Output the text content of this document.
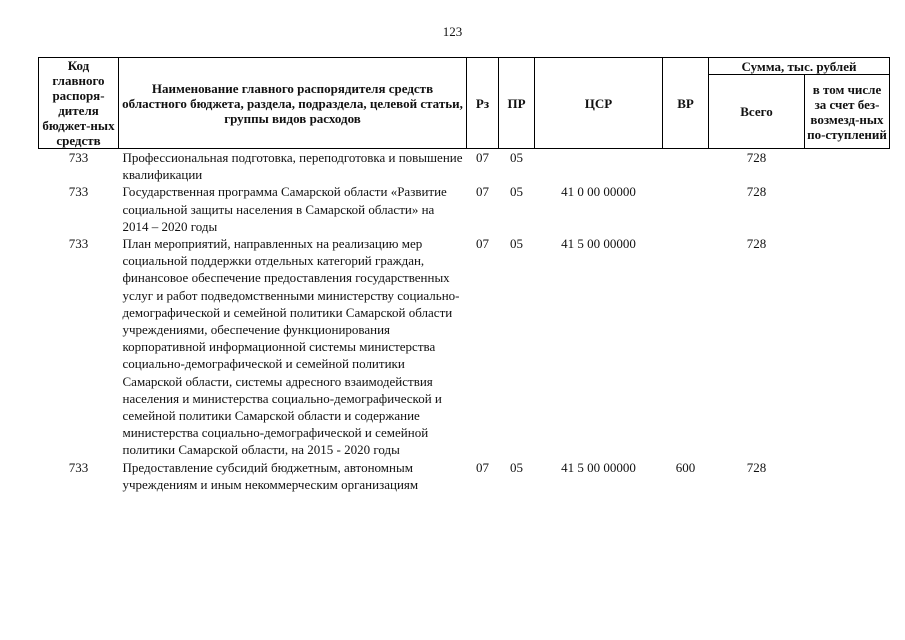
123
Код главного распоря-дителя бюджет-ных средств	Наименование главного распорядителя средств областного бюджета, раздела, подраздела, целевой статьи, группы видов расходов	Рз	ПР	ЦСР	ВР	Сумма, тыс. рублей	
						Всего	в том числе за счет без-возмезд-ных по-ступлений
733	Профессиональная подготовка, переподготовка и повышение квалификации	07	05			728	
733	Государственная программа Самарской области «Развитие социальной защиты населения в Самарской области» на 2014 – 2020 годы	07	05	41 0 00 00000		728	
733	План мероприятий, направленных на реализацию мер социальной поддержки отдельных категорий граждан, финансовое обеспечение предоставления государственных услуг и работ подведомственными министерству социально-демографической и семейной политики Самарской области учреждениями, обеспечение функционирования корпоративной информационной системы министерства социально-демографической и семейной политики Самарской области, системы адресного взаимодействия населения и министерства социально-демографической и семейной политики Самарской области и содержание министерства социально-демографической и семейной политики Самарской области, на 2015 - 2020 годы	07	05	41 5 00 00000		728	
733	Предоставление субсидий бюджетным, автономным учреждениям и иным некоммерческим организациям	07	05	41 5 00 00000	600	728	
